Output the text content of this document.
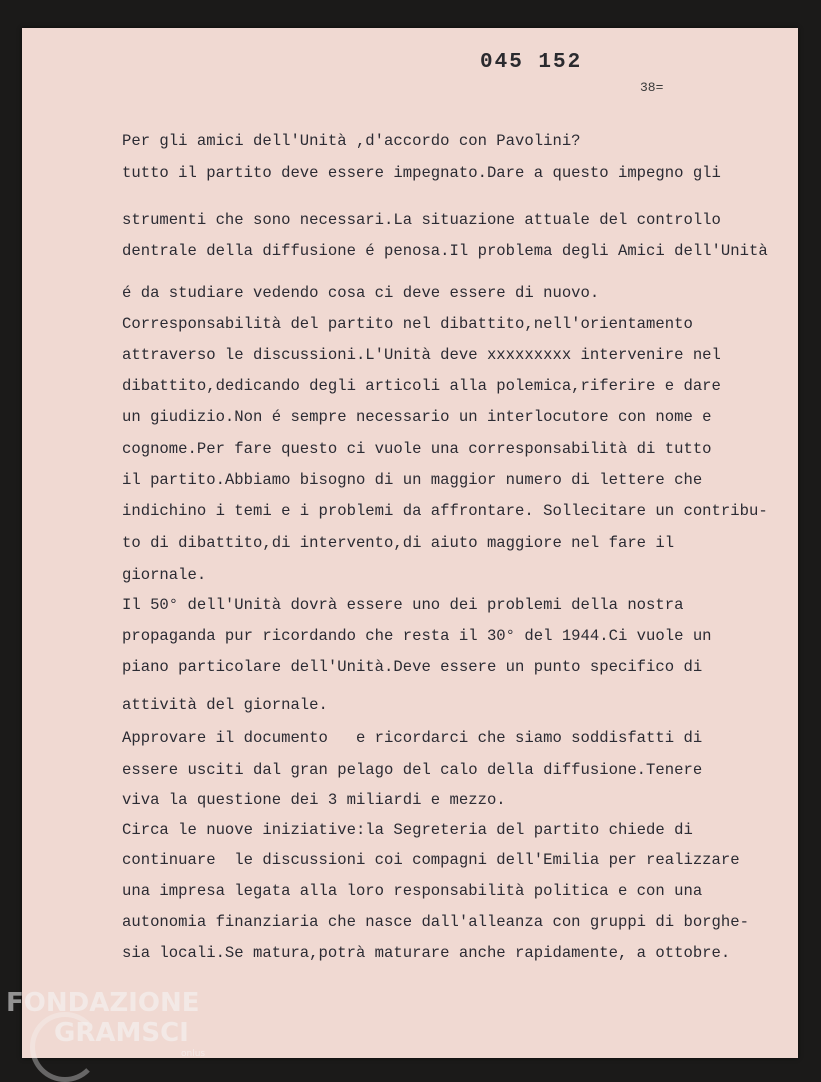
045 152
38=
Per gli amici dell'Unità ,d'accordo con Pavolini?
tutto il partito deve essere impegnato.Dare a questo impegno gli
strumenti che sono necessari.La situazione attuale del controllo
dentrale della diffusione é penosa.Il problema degli Amici dell'Unità
é da studiare vedendo cosa ci deve essere di nuovo.
Corresponsabilità del partito nel dibattito,nell'orientamento
attraverso le discussioni.L'Unità deve xxxxxxxxx intervenire nel
dibattito,dedicando degli articoli alla polemica,riferire e dare
un giudizio.Non é sempre necessario un interlocutore con nome e
cognome.Per fare questo ci vuole una corresponsabilità di tutto
il partito.Abbiamo bisogno di un maggior numero di lettere che
indichino i temi e i problemi da affrontare. Sollecitare un contribu-
to di dibattito,di intervento,di aiuto maggiore nel fare il
giornale.
Il 50° dell'Unità dovrà essere uno dei problemi della nostra
propaganda pur ricordando che resta il 30° del 1944.Ci vuole un
piano particolare dell'Unità.Deve essere un punto specifico di
attività del giornale.
Approvare il documento   e ricordarci che siamo soddisfatti di
essere usciti dal gran pelago del calo della diffusione.Tenere
viva la questione dei 3 miliardi e mezzo.
Circa le nuove iniziative:la Segreteria del partito chiede di
continuare  le discussioni coi compagni dell'Emilia per realizzare
una impresa legata alla loro responsabilità politica e con una
autonomia finanziaria che nasce dall'alleanza con gruppi di borghe-
sia locali.Se matura,potrà maturare anche rapidamente, a ottobre.
FONDAZIONE
GRAMSCI
onlus
